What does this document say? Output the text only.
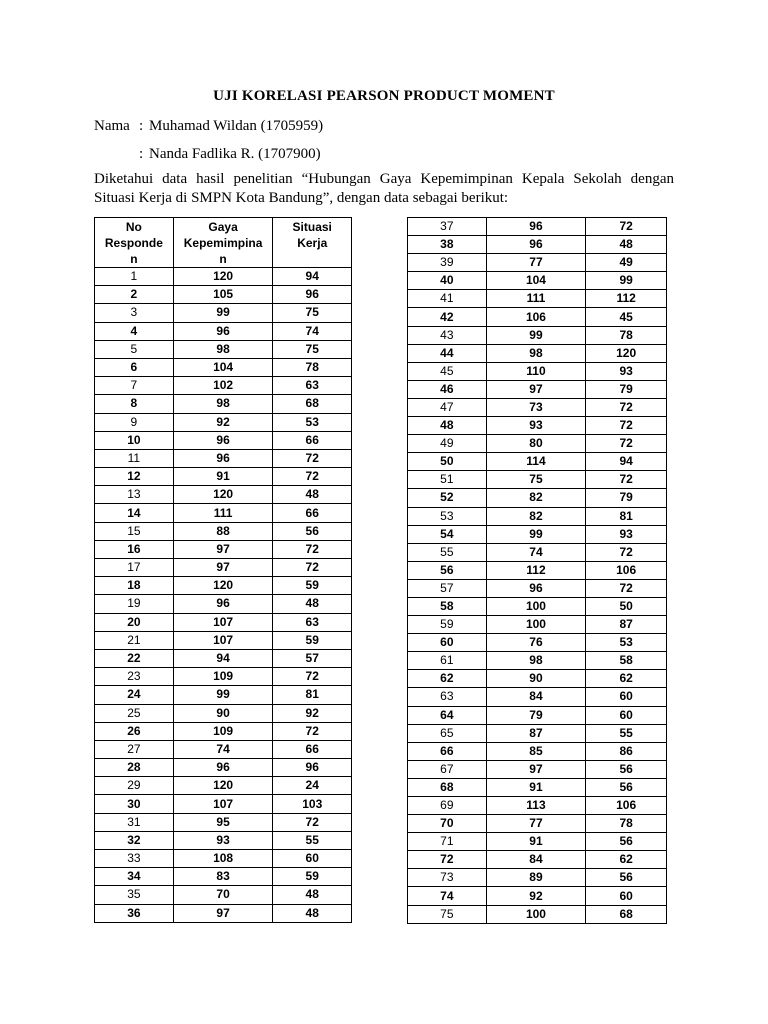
UJI KORELASI PEARSON PRODUCT MOMENT
Nama : Muhamad Wildan (1705959)
: Nanda Fadlika R. (1707900)
Diketahui data hasil penelitian “Hubungan Gaya Kepemimpinan Kepala Sekolah dengan
Situasi Kerja di SMPN Kota Bandung”, dengan data sebagai berikut:
No
Responde
n	Gaya
Kepemimpina
n	Situasi
Kerja
1	120	94
2	105	96
3	99	75
4	96	74
5	98	75
6	104	78
7	102	63
8	98	68
9	92	53
10	96	66
11	96	72
12	91	72
13	120	48
14	111	66
15	88	56
16	97	72
17	97	72
18	120	59
19	96	48
20	107	63
21	107	59
22	94	57
23	109	72
24	99	81
25	90	92
26	109	72
27	74	66
28	96	96
29	120	24
30	107	103
31	95	72
32	93	55
33	108	60
34	83	59
35	70	48
36	97	48
37	96	72
38	96	48
39	77	49
40	104	99
41	111	112
42	106	45
43	99	78
44	98	120
45	110	93
46	97	79
47	73	72
48	93	72
49	80	72
50	114	94
51	75	72
52	82	79
53	82	81
54	99	93
55	74	72
56	112	106
57	96	72
58	100	50
59	100	87
60	76	53
61	98	58
62	90	62
63	84	60
64	79	60
65	87	55
66	85	86
67	97	56
68	91	56
69	113	106
70	77	78
71	91	56
72	84	62
73	89	56
74	92	60
75	100	68
